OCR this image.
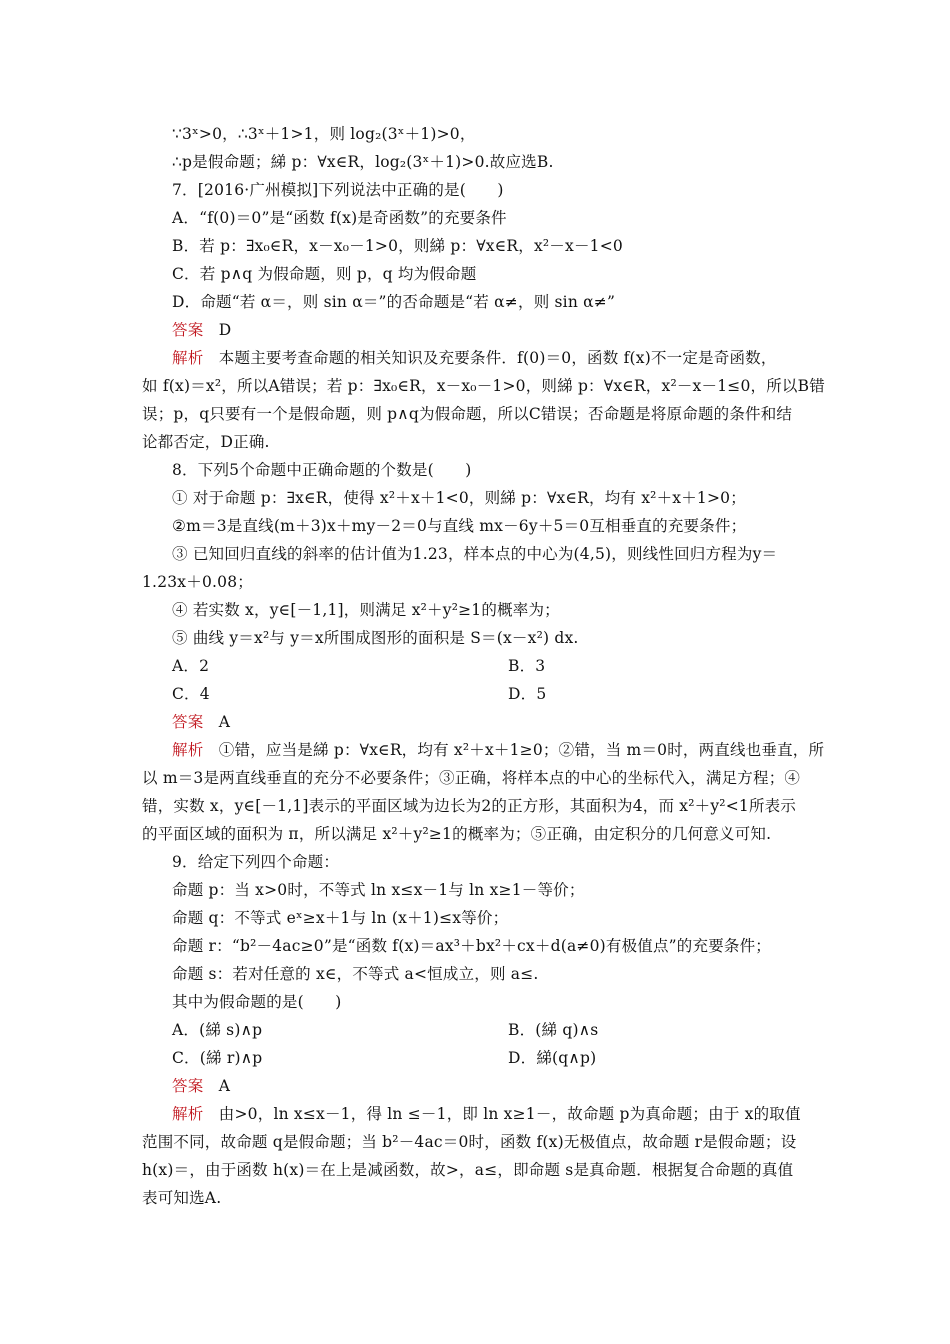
∵3ˣ>0，∴3ˣ＋1>1，则 log₂(3ˣ＋1)>0，
∴p是假命题；綈 p：∀x∈R，log₂(3ˣ＋1)>0.故应选B.
7．[2016·广州模拟]下列说法中正确的是(　　)
A．“f(0)＝0”是“函数 f(x)是奇函数”的充要条件
B．若 p：∃x₀∈R，x－x₀－1>0，则綈 p：∀x∈R，x²－x－1<0
C．若 p∧q 为假命题，则 p，q 均为假命题
D．命题“若 α＝，则 sin α＝”的否命题是“若 α≠，则 sin α≠”
答案 D
解析 本题主要考查命题的相关知识及充要条件．f(0)＝0，函数 f(x)不一定是奇函数，
如 f(x)＝x²，所以A错误；若 p：∃x₀∈R，x－x₀－1>0，则綈 p：∀x∈R，x²－x－1≤0，所以B错
误；p，q只要有一个是假命题，则 p∧q为假命题，所以C错误；否命题是将原命题的条件和结
论都否定，D正确.
8．下列5个命题中正确命题的个数是(　　)
① 对于命题 p：∃x∈R，使得 x²＋x＋1<0，则綈 p：∀x∈R，均有 x²＋x＋1>0；
②m＝3是直线(m＋3)x＋my－2＝0与直线 mx－6y＋5＝0互相垂直的充要条件；
③ 已知回归直线的斜率的估计值为1.23，样本点的中心为(4,5)，则线性回归方程为y＝
1.23x＋0.08；
④ 若实数 x，y∈[－1,1]，则满足 x²＋y²≥1的概率为；
⑤ 曲线 y＝x²与 y＝x所围成图形的面积是 S＝(x－x²) dx.
A．2	B．3
C．4	D．5
答案 A
解析 ①错，应当是綈 p：∀x∈R，均有 x²＋x＋1≥0；②错，当 m＝0时，两直线也垂直，所
以 m＝3是两直线垂直的充分不必要条件；③正确，将样本点的中心的坐标代入，满足方程；④
错，实数 x，y∈[－1,1]表示的平面区域为边长为2的正方形，其面积为4，而 x²＋y²<1所表示
的平面区域的面积为 π，所以满足 x²＋y²≥1的概率为；⑤正确，由定积分的几何意义可知.
9．给定下列四个命题：
命题 p：当 x>0时，不等式 ln x≤x－1与 ln x≥1－等价；
命题 q：不等式 eˣ≥x＋1与 ln (x＋1)≤x等价；
命题 r：“b²－4ac≥0”是“函数 f(x)＝ax³＋bx²＋cx＋d(a≠0)有极值点”的充要条件；
命题 s：若对任意的 x∈，不等式 a<恒成立，则 a≤.
其中为假命题的是(　　)
A．(綈 s)∧p	B．(綈 q)∧s
C．(綈 r)∧p	D．綈(q∧p)
答案 A
解析 由>0，ln x≤x－1，得 ln ≤－1，即 ln x≥1－，故命题 p为真命题；由于 x的取值
范围不同，故命题 q是假命题；当 b²－4ac＝0时，函数 f(x)无极值点，故命题 r是假命题；设
h(x)＝，由于函数 h(x)＝在上是减函数，故>，a≤，即命题 s是真命题．根据复合命题的真值
表可知选A.
